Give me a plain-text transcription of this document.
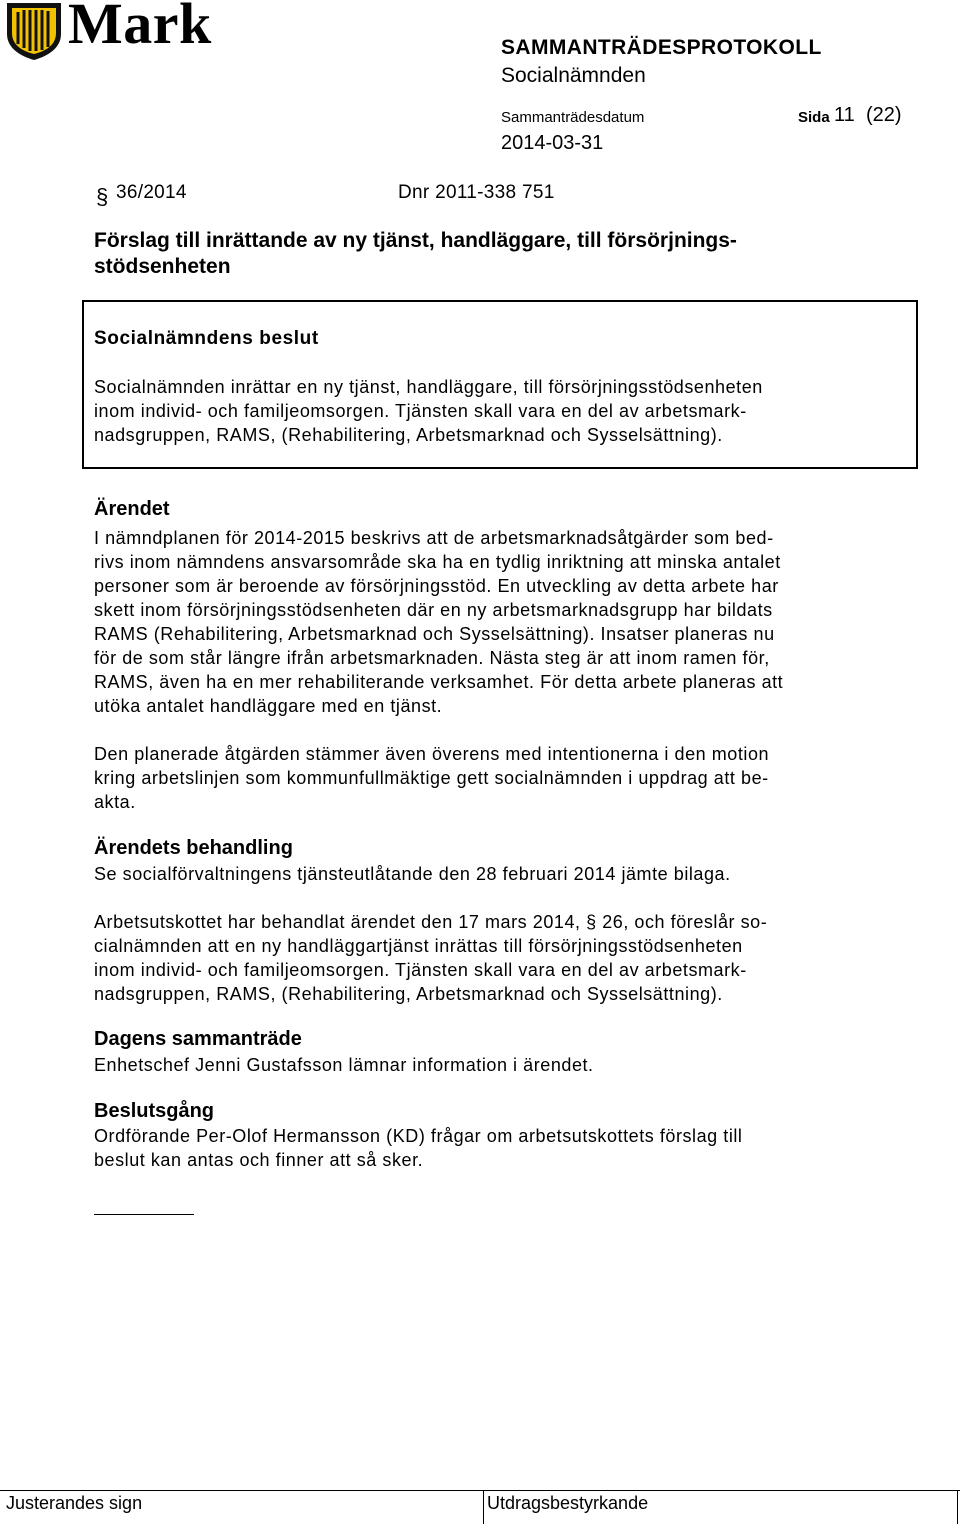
Mark	SAMMANTRÄDESPROTOKOLL
Socialnämnden
Sammanträdesdatum	Sida 11 (22)
2014-03-31
§ 36/2014	Dnr 2011-338 751
Förslag till inrättande av ny tjänst, handläggare, till försörjnings-stödsenheten
Socialnämndens beslut
Socialnämnden inrättar en ny tjänst, handläggare, till försörjningsstödsenheten
inom individ- och familjeomsorgen. Tjänsten skall vara en del av arbetsmark-
nadsgruppen, RAMS, (Rehabilitering, Arbetsmarknad och Sysselsättning).
Ärendet
I nämndplanen för 2014-2015 beskrivs att de arbetsmarknadsåtgärder som bed-
rivs inom nämndens ansvarsområde ska ha en tydlig inriktning att minska antalet
personer som är beroende av försörjningsstöd. En utveckling av detta arbete har
skett inom försörjningsstödsenheten där en ny arbetsmarknadsgrupp har bildats
RAMS (Rehabilitering, Arbetsmarknad och Sysselsättning). Insatser planeras nu
för de som står längre ifrån arbetsmarknaden. Nästa steg är att inom ramen för,
RAMS, även ha en mer rehabiliterande verksamhet. För detta arbete planeras att
utöka antalet handläggare med en tjänst.
Den planerade åtgärden stämmer även överens med intentionerna i den motion
kring arbetslinjen som kommunfullmäktige gett socialnämnden i uppdrag att be-
akta.
Ärendets behandling
Se socialförvaltningens tjänsteutlåtande den 28 februari 2014 jämte bilaga.
Arbetsutskottet har behandlat ärendet den 17 mars 2014, § 26, och föreslår so-
cialnämnden att en ny handläggartjänst inrättas till försörjningsstödsenheten
inom individ- och familjeomsorgen. Tjänsten skall vara en del av arbetsmark-
nadsgruppen, RAMS, (Rehabilitering, Arbetsmarknad och Sysselsättning).
Dagens sammanträde
Enhetschef Jenni Gustafsson lämnar information i ärendet.
Beslutsgång
Ordförande Per-Olof Hermansson (KD) frågar om arbetsutskottets förslag till
beslut kan antas och finner att så sker.
Justerandes sign	Utdragsbestyrkande
